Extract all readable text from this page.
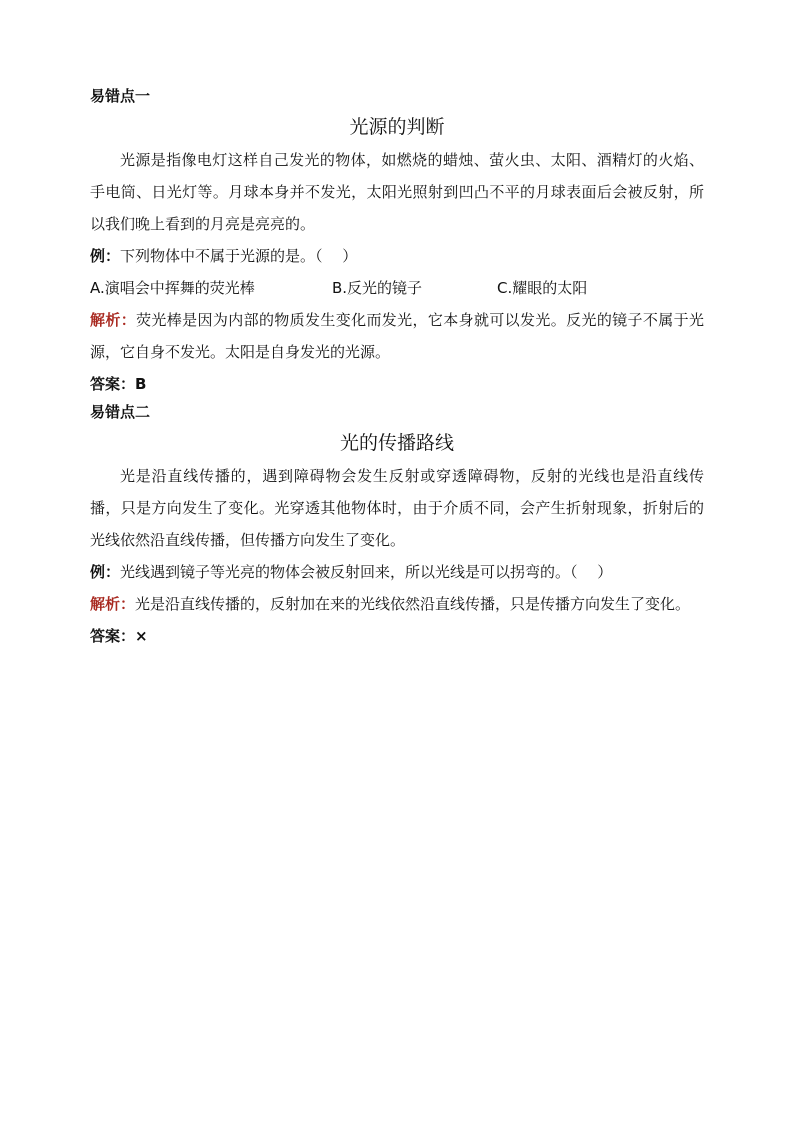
易错点一

光源的判断

光源是指像电灯这样自己发光的物体，如燃烧的蜡烛、萤火虫、太阳、酒精灯的火焰、手电筒、日光灯等。月球本身并不发光，太阳光照射到凹凸不平的月球表面后会被反射，所以我们晚上看到的月亮是亮亮的。

例：下列物体中不属于光源的是。（　 ）

A.演唱会中挥舞的荧光棒	B.反光的镜子	C.耀眼的太阳

解析：荧光棒是因为内部的物质发生变化而发光，它本身就可以发光。反光的镜子不属于光源，它自身不发光。太阳是自身发光的光源。

答案：B

易错点二

光的传播路线

光是沿直线传播的，遇到障碍物会发生反射或穿透障碍物，反射的光线也是沿直线传播，只是方向发生了变化。光穿透其他物体时，由于介质不同，会产生折射现象，折射后的光线依然沿直线传播，但传播方向发生了变化。

例：光线遇到镜子等光亮的物体会被反射回来，所以光线是可以拐弯的。（　 ）

解析：光是沿直线传播的，反射加在来的光线依然沿直线传播，只是传播方向发生了变化。

答案：×
